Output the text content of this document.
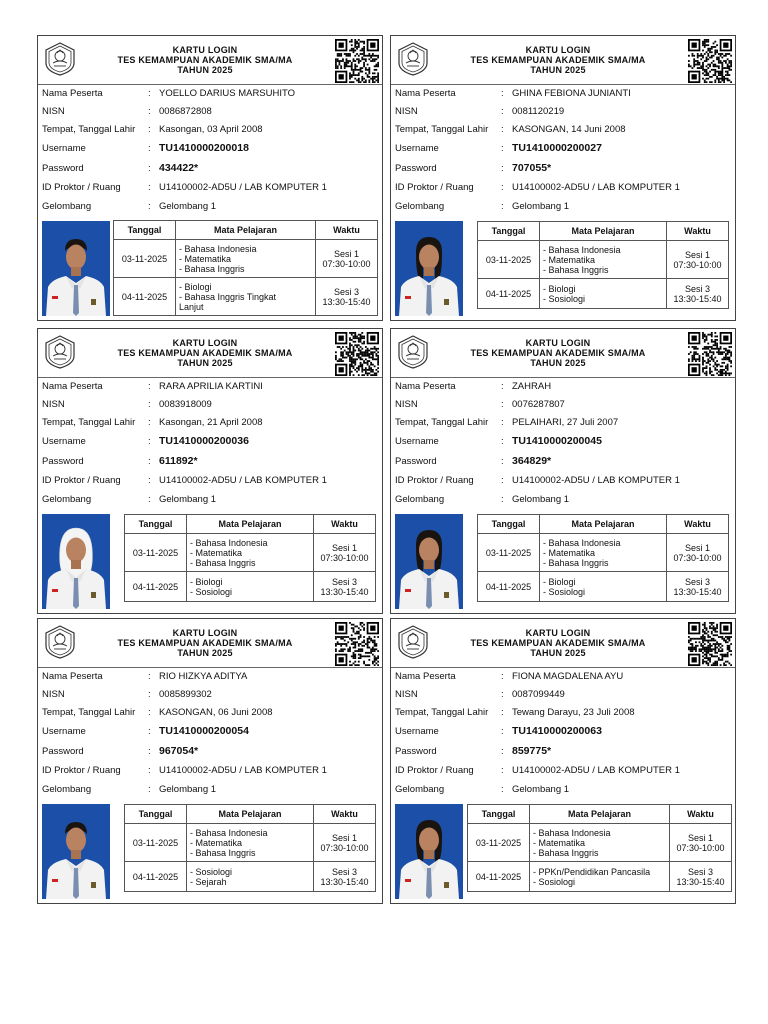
KARTU LOGIN
TES KEMAMPUAN AKADEMIK SMA/MA
TAHUN 2025
Nama Peserta	: YOELLO DARIUS MARSUHITO
NISN	: 0086872808
Tempat, Tanggal Lahir : Kasongan, 03 April 2008
Username	: TU1410000200018
Password	: 434422*
ID Proktor / Ruang	: U14100002-AD5U / LAB KOMPUTER 1
Gelombang	: Gelombang 1
Tanggal	Mata Pelajaran	Waktu
03-11-2025	- Bahasa Indonesia
- Matematika
- Bahasa Inggris	Sesi 1
07:30-10:00

04-11-2025	- Biologi
- Bahasa Inggris Tingkat
Lanjut	Sesi 3
13:30-15:40
KARTU LOGIN
TES KEMAMPUAN AKADEMIK SMA/MA
TAHUN 2025
Nama Peserta	: GHINA FEBIONA JUNIANTI
NISN	: 0081120219
Tempat, Tanggal Lahir : KASONGAN, 14 Juni 2008
Username	: TU1410000200027
Password	: 707055*
ID Proktor / Ruang	: U14100002-AD5U / LAB KOMPUTER 1
Gelombang	: Gelombang 1
Tanggal	Mata Pelajaran	Waktu
03-11-2025	- Bahasa Indonesia
- Matematika
- Bahasa Inggris	Sesi 1
07:30-10:00

04-11-2025	- Biologi
- Sosiologi	Sesi 3
13:30-15:40
KARTU LOGIN
TES KEMAMPUAN AKADEMIK SMA/MA
TAHUN 2025
Nama Peserta	: RARA APRILIA KARTINI
NISN	: 0083918009
Tempat, Tanggal Lahir : Kasongan, 21 April 2008
Username	: TU1410000200036
Password	: 611892*
ID Proktor / Ruang	: U14100002-AD5U / LAB KOMPUTER 1
Gelombang	: Gelombang 1
Tanggal	Mata Pelajaran	Waktu
03-11-2025	- Bahasa Indonesia
- Matematika
- Bahasa Inggris	Sesi 1
07:30-10:00

04-11-2025	- Biologi
- Sosiologi	Sesi 3
13:30-15:40
KARTU LOGIN
TES KEMAMPUAN AKADEMIK SMA/MA
TAHUN 2025
Nama Peserta	: ZAHRAH
NISN	: 0076287807
Tempat, Tanggal Lahir : PELAIHARI, 27 Juli 2007
Username	: TU1410000200045
Password	: 364829*
ID Proktor / Ruang	: U14100002-AD5U / LAB KOMPUTER 1
Gelombang	: Gelombang 1
Tanggal	Mata Pelajaran	Waktu
03-11-2025	- Bahasa Indonesia
- Matematika
- Bahasa Inggris	Sesi 1
07:30-10:00

04-11-2025	- Biologi
- Sosiologi	Sesi 3
13:30-15:40
KARTU LOGIN
TES KEMAMPUAN AKADEMIK SMA/MA
TAHUN 2025
Nama Peserta	: RIO HIZKYA ADITYA
NISN	: 0085899302
Tempat, Tanggal Lahir : KASONGAN, 06 Juni 2008
Username	: TU1410000200054
Password	: 967054*
ID Proktor / Ruang	: U14100002-AD5U / LAB KOMPUTER 1
Gelombang	: Gelombang 1
Tanggal	Mata Pelajaran	Waktu
03-11-2025	- Bahasa Indonesia
- Matematika
- Bahasa Inggris	Sesi 1
07:30-10:00

04-11-2025	- Sosiologi
- Sejarah	Sesi 3
13:30-15:40
KARTU LOGIN
TES KEMAMPUAN AKADEMIK SMA/MA
TAHUN 2025
Nama Peserta	: FIONA MAGDALENA AYU
NISN	: 0087099449
Tempat, Tanggal Lahir : Tewang Darayu, 23 Juli 2008
Username	: TU1410000200063
Password	: 859775*
ID Proktor / Ruang	: U14100002-AD5U / LAB KOMPUTER 1
Gelombang	: Gelombang 1
Tanggal	Mata Pelajaran	Waktu
03-11-2025	- Bahasa Indonesia
- Matematika
- Bahasa Inggris	Sesi 1
07:30-10:00

04-11-2025	- PPKn/Pendidikan Pancasila
- Sosiologi	Sesi 3
13:30-15:40
